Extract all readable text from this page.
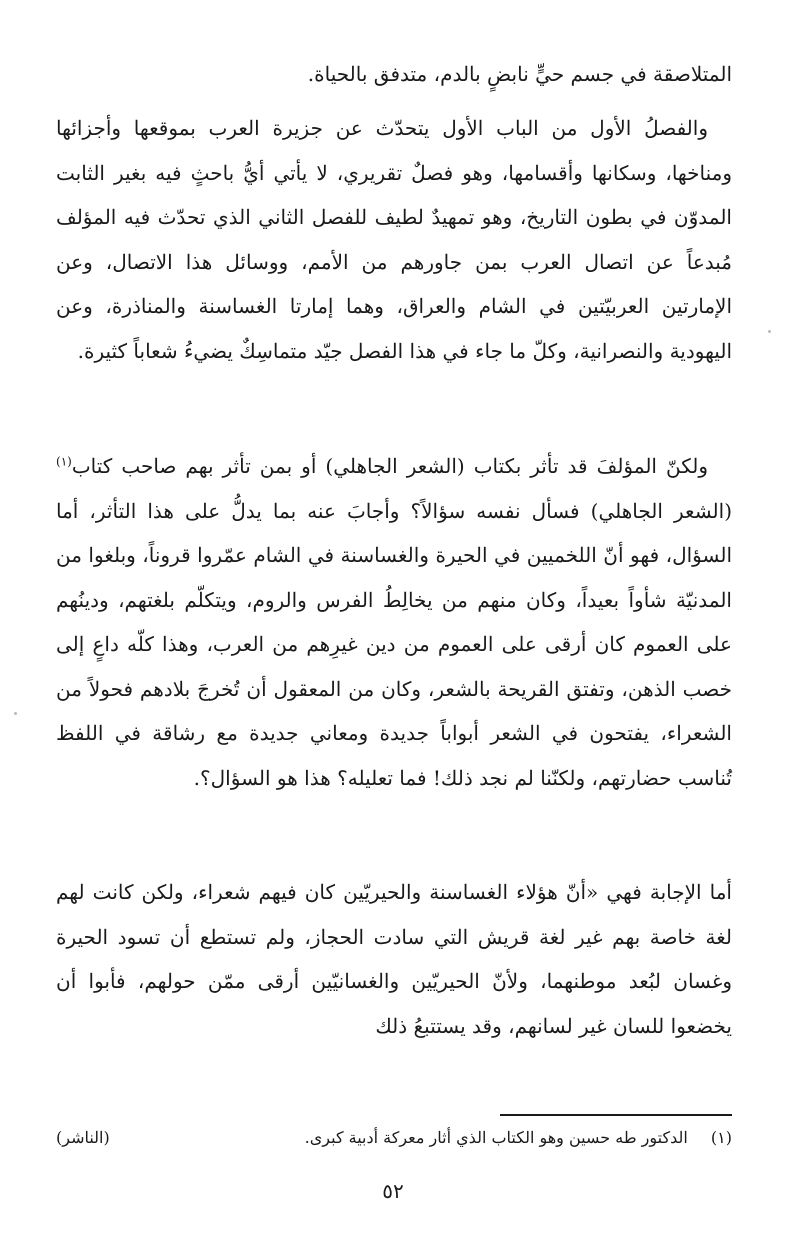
المتلاصقة في جسم حيٍّ نابضٍ بالدم، متدفق بالحياة.

والفصلُ الأول من الباب الأول يتحدّث عن جزيرة العرب بموقعها وأجزائها ومناخها، وسكانها وأقسامها، وهو فصلٌ تقريري، لا يأتي أيُّ باحثٍ فيه بغير الثابت المدوّن في بطون التاريخ، وهو تمهيدٌ لطيف للفصل الثاني الذي تحدّث فيه المؤلف مُبدعاً عن اتصال العرب بمن جاورهم من الأمم، ووسائل هذا الاتصال، وعن الإمارتين العربيّتين في الشام والعراق، وهما إمارتا الغساسنة والمناذرة، وعن اليهودية والنصرانية، وكلّ ما جاء في هذا الفصل جيّد متماسِكٌ يضيءُ شعاباً كثيرة.

ولكنّ المؤلفَ قد تأثر بكتاب (الشعر الجاهلي) أو بمن تأثر بهم صاحب كتاب$^{(١)}$ (الشعر الجاهلي) فسأل نفسه سؤالاً؟ وأجابَ عنه بما يدلُّ على هذا التأثر، أما السؤال، فهو أنّ اللخميين في الحيرة والغساسنة في الشام عمّروا قروناً، وبلغوا من المدنيّة شأواً بعيداً، وكان منهم من يخالِطُ الفرس والروم، ويتكلّم بلغتهم، ودينُهم على العموم كان أرقى على العموم من دين غيرِهم من العرب، وهذا كلّه داعٍ إلى خصب الذهن، وتفتق القريحة بالشعر، وكان من المعقول أن تُخرجَ بلادهم فحولاً من الشعراء، يفتحون في الشعر أبواباً جديدة ومعاني جديدة مع رشاقة في اللفظ تُناسب حضارتهم، ولكنّنا لم نجد ذلك! فما تعليله؟ هذا هو السؤال؟.

أما الإجابة فهي «أنّ هؤلاء الغساسنة والحيريّين كان فيهم شعراء، ولكن كانت لهم لغة خاصة بهم غير لغة قريش التي سادت الحجاز، ولم تستطع أن تسود الحيرة وغسان لبُعد موطنهما، ولأنّ الحيريّين والغسانيّين أرقى ممّن حولهم، فأبوا أن يخضعوا للسان غير لسانهم، وقد يستتبعُ ذلك

(١) الدكتور طه حسين وهو الكتاب الذي أثار معركة أدبية كبرى.
(الناشر)
٥٢
